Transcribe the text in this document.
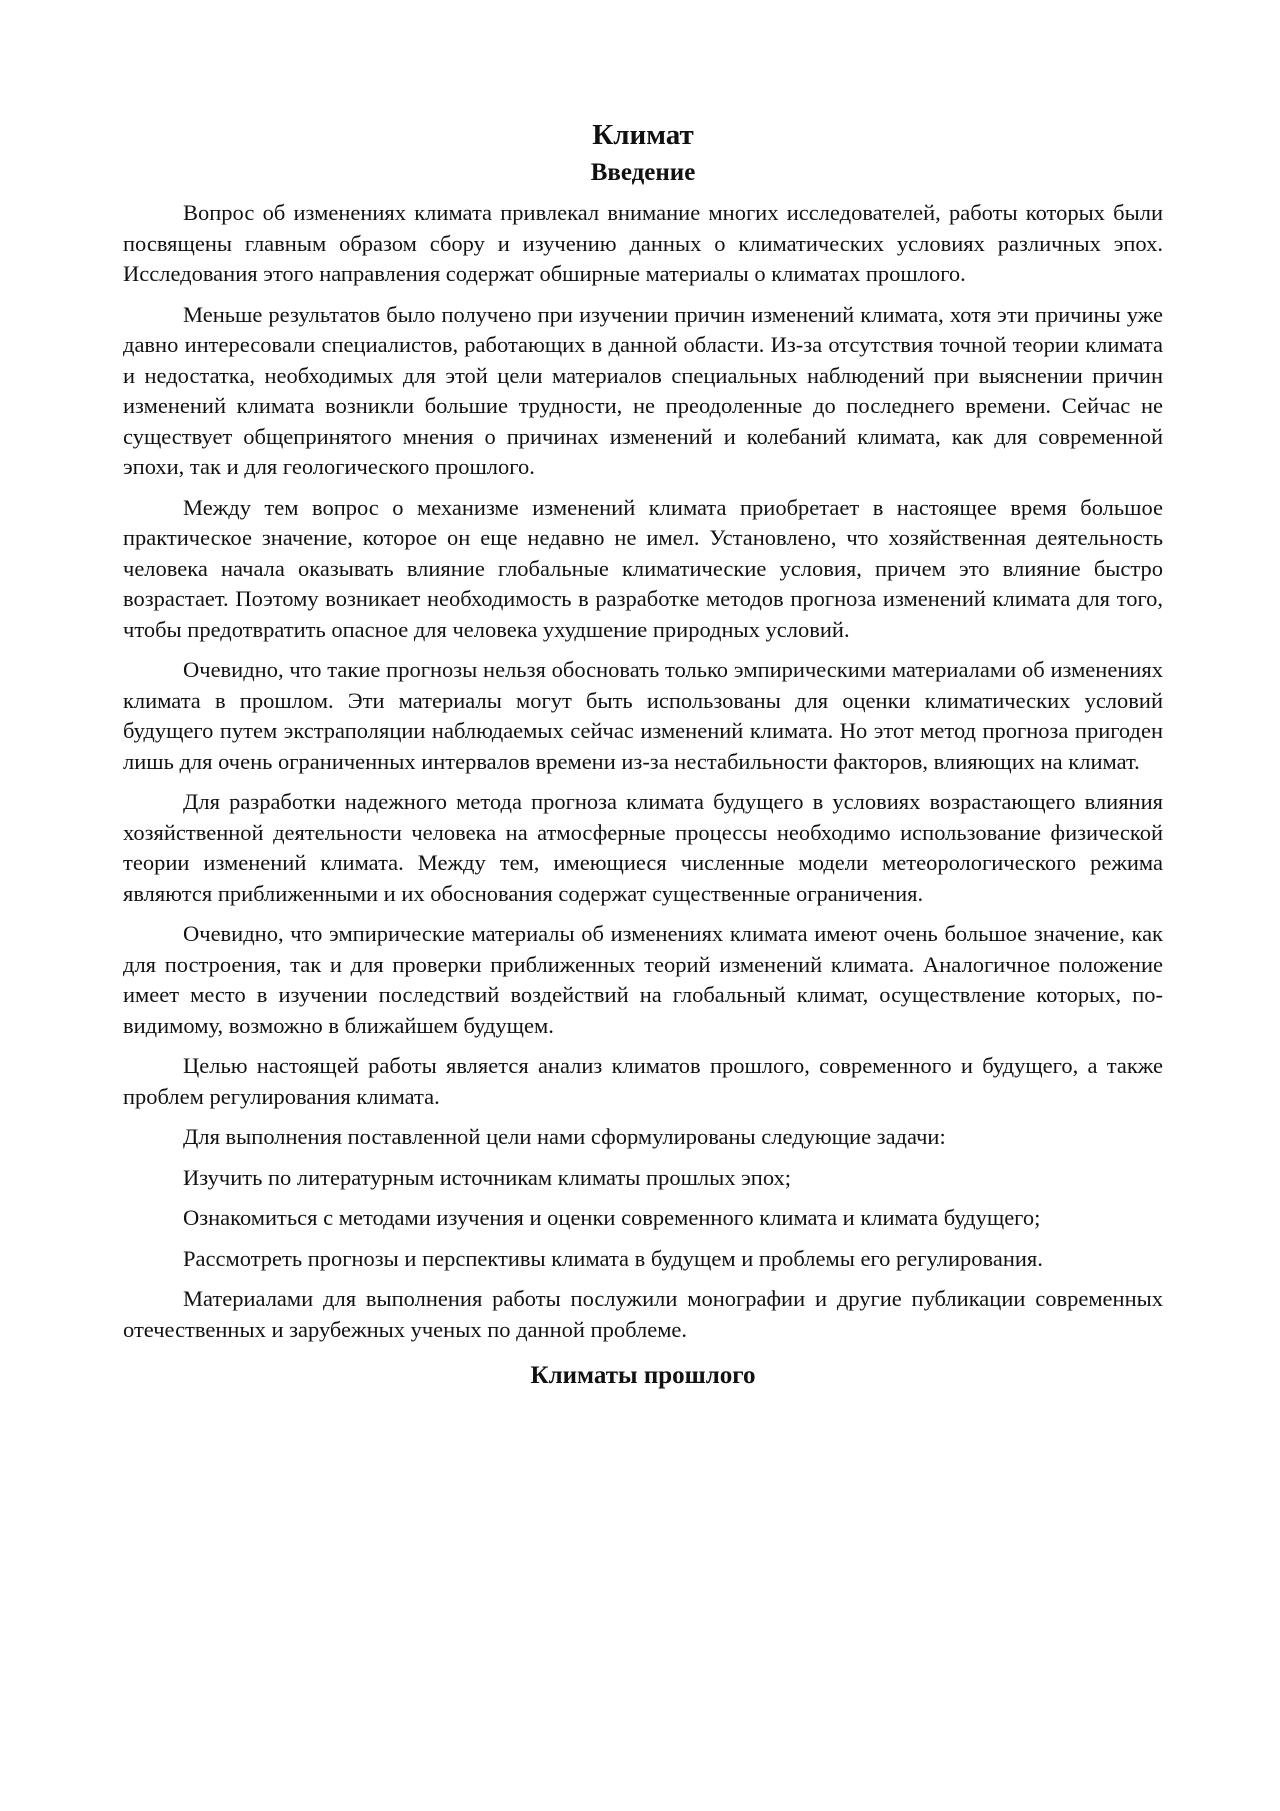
Климат
Введение

Вопрос об изменениях климата привлекал внимание многих исследователей, работы которых были посвящены главным образом сбору и изучению данных о климатических условиях различных эпох. Исследования этого направления содержат обширные материалы о климатах прошлого.

Меньше результатов было получено при изучении причин изменений климата, хотя эти причины уже давно интересовали специалистов, работающих в данной области. Из-за отсутствия точной теории климата и недостатка, необходимых для этой цели материалов специальных наблюдений при выяснении причин изменений климата возникли большие трудности, не преодоленные до последнего времени. Сейчас не существует общепринятого мнения о причинах изменений и колебаний климата, как для современной эпохи, так и для геологического прошлого.

Между тем вопрос о механизме изменений климата приобретает в настоящее время большое практическое значение, которое он еще недавно не имел. Установлено, что хозяйственная деятельность человека начала оказывать влияние глобальные климатические условия, причем это влияние быстро возрастает. Поэтому возникает необходимость в разработке методов прогноза изменений климата для того, чтобы предотвратить опасное для человека ухудшение природных условий.

Очевидно, что такие прогнозы нельзя обосновать только эмпирическими материалами об изменениях климата в прошлом. Эти материалы могут быть использованы для оценки климатических условий будущего путем экстраполяции наблюдаемых сейчас изменений климата. Но этот метод прогноза пригоден лишь для очень ограниченных интервалов времени из-за нестабильности факторов, влияющих на климат.

Для разработки надежного метода прогноза климата будущего в условиях возрастающего влияния хозяйственной деятельности человека на атмосферные процессы необходимо использование физической теории изменений климата. Между тем, имеющиеся численные модели метеорологического режима являются приближенными и их обоснования содержат существенные ограничения.

Очевидно, что эмпирические материалы об изменениях климата имеют очень большое значение, как для построения, так и для проверки приближенных теорий изменений климата. Аналогичное положение имеет место в изучении последствий воздействий на глобальный климат, осуществление которых, по-видимому, возможно в ближайшем будущем.

Целью настоящей работы является анализ климатов прошлого, современного и будущего, а также проблем регулирования климата.

Для выполнения поставленной цели нами сформулированы следующие задачи:

Изучить по литературным источникам климаты прошлых эпох;

Ознакомиться с методами изучения и оценки современного климата и климата будущего;

Рассмотреть прогнозы и перспективы климата в будущем и проблемы его регулирования.

Материалами для выполнения работы послужили монографии и другие публикации современных отечественных и зарубежных ученых по данной проблеме.

Климаты прошлого
